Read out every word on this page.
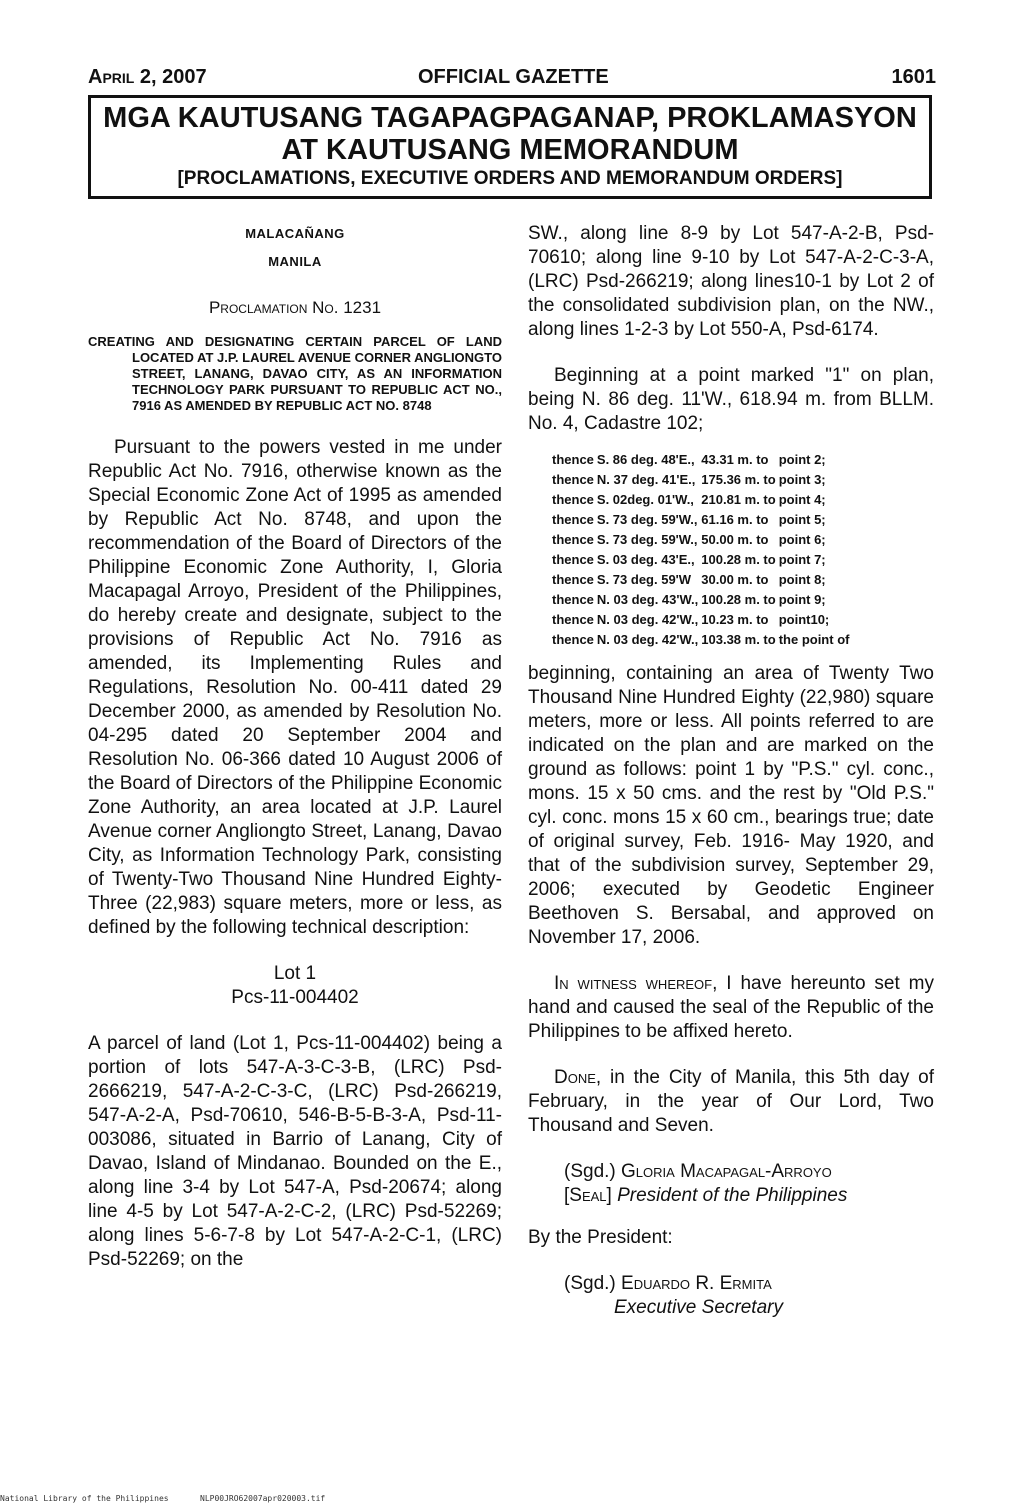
April 2, 2007	OFFICIAL GAZETTE	1601
MGA KAUTUSANG TAGAPAGPAGANAP, PROKLAMASYON
AT KAUTUSANG MEMORANDUM
[PROCLAMATIONS, EXECUTIVE ORDERS AND MEMORANDUM ORDERS]
MALACAÑANG
MANILA
Proclamation No. 1231
CREATING AND DESIGNATING CERTAIN PARCEL OF LAND LOCATED AT J.P. LAUREL AVENUE CORNER ANGLIONGTO STREET, LANANG, DAVAO CITY, AS AN INFORMATION TECHNOLOGY PARK PURSUANT TO REPUBLIC ACT NO., 7916 AS AMENDED BY REPUBLIC ACT NO. 8748

Pursuant to the powers vested in me under Republic Act No. 7916, otherwise known as the Special Economic Zone Act of 1995 as amended by Republic Act No. 8748, and upon the recommendation of the Board of Directors of the Philippine Economic Zone Authority, I, Gloria Macapagal Arroyo, President of the Philippines, do hereby create and designate, subject to the provisions of Republic Act No. 7916 as amended, its Implementing Rules and Regulations, Resolution No. 00-411 dated 29 December 2000, as amended by Resolution No. 04-295 dated 20 September 2004 and Resolution No. 06-366 dated 10 August 2006 of the Board of Directors of the Philippine Economic Zone Authority, an area located at J.P. Laurel Avenue corner Angliongto Street, Lanang, Davao City, as Information Technology Park, consisting of Twenty-Two Thousand Nine Hundred Eighty-Three (22,983) square meters, more or less, as defined by the following technical description:

Lot 1
Pcs-11-004402

A parcel of land (Lot 1, Pcs-11-004402) being a portion of lots 547-A-3-C-3-B, (LRC) Psd-2666219, 547-A-2-C-3-C, (LRC) Psd-266219, 547-A-2-A, Psd-70610, 546-B-5-B-3-A, Psd-11-003086, situated in Barrio of Lanang, City of Davao, Island of Mindanao. Bounded on the E., along line 3-4 by Lot 547-A, Psd-20674; along line 4-5 by Lot 547-A-2-C-2, (LRC) Psd-52269; along lines 5-6-7-8 by Lot 547-A-2-C-1, (LRC) Psd-52269; on the

SW., along line 8-9 by Lot 547-A-2-B, Psd-70610; along line 9-10 by Lot 547-A-2-C-3-A, (LRC) Psd-266219; along lines10-1 by Lot 2 of the consolidated subdivision plan, on the NW., along lines 1-2-3 by Lot 550-A, Psd-6174.

Beginning at a point marked "1" on plan, being N. 86 deg. 11'W., 618.94 m. from BLLM. No. 4, Cadastre 102;

thence	S. 86 deg. 48'E.,	43.31 m. to	point 2;
thence	N. 37 deg. 41'E.,	175.36 m. to	point 3;
thence	S. 02deg. 01'W.,	210.81 m. to	point 4;
thence	S. 73 deg. 59'W.,	61.16 m. to	point 5;
thence	S. 73 deg. 59'W.,	50.00 m. to	point 6;
thence	S. 03 deg. 43'E.,	100.28 m. to	point 7;
thence	S. 73 deg. 59'W	30.00 m. to	point 8;
thence	N. 03 deg. 43'W.,	100.28 m. to	point 9;
thence	N. 03 deg. 42'W.,	10.23 m. to	point10;
thence	N. 03 deg. 42'W.,	103.38 m. to	the point of

beginning, containing an area of Twenty Two Thousand Nine Hundred Eighty (22,980) square meters, more or less. All points referred to are indicated on the plan and are marked on the ground as follows: point 1 by "P.S." cyl. conc., mons. 15 x 50 cms. and the rest by "Old P.S." cyl. conc. mons 15 x 60 cm., bearings true; date of original survey, Feb. 1916- May 1920, and that of the subdivision survey, September 29, 2006; executed by Geodetic Engineer Beethoven S. Bersabal, and approved on November 17, 2006.

In witness whereof, I have hereunto set my hand and caused the seal of the Republic of the Philippines to be affixed hereto.

Done, in the City of Manila, this 5th day of February, in the year of Our Lord, Two Thousand and Seven.

(Sgd.) Gloria Macapagal-Arroyo
[Seal] President of the Philippines
By the President:
(Sgd.) Eduardo R. Ermita
Executive Secretary
National Library of the Philippines	NLP00JRO62007apr020003.tif
